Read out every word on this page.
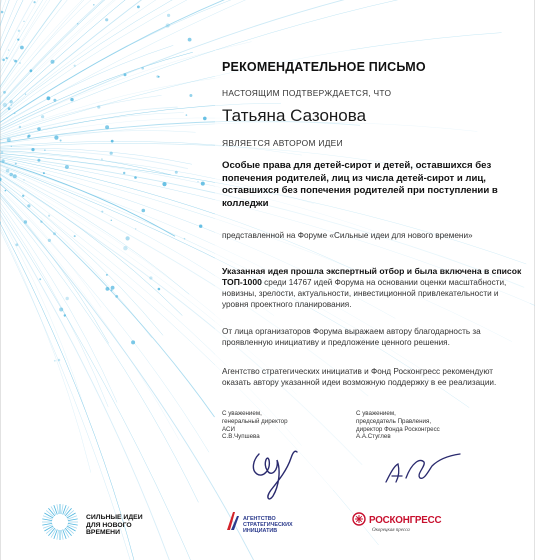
РЕКОМЕНДАТЕЛЬНОЕ ПИСЬМО
НАСТОЯЩИМ ПОДТВЕРЖДАЕТСЯ, ЧТО
Татьяна Сазонова
ЯВЛЯЕТСЯ АВТОРОМ ИДЕИ
Особые права для детей-сирот и детей, оставшихся без попечения родителей, лиц из числа детей-сирот и лиц, оставшихся без попечения родителей при поступлении в колледжи
представленной на Форуме «Сильные идеи для нового времени»
Указанная идея прошла экспертный отбор и была включена в список ТОП-1000 среди 14767 идей Форума на основании оценки масштабности, новизны, зрелости, актуальности, инвестиционной привлекательности и уровня проектного планирования.
От лица организаторов Форума выражаем автору благодарность за проявленную инициативу и предложение ценного решения.
Агентство стратегических инициатив и Фонд Росконгресс рекомендуют оказать автору указанной идеи возможную поддержку в ее реализации.
С уважением,
генеральный директор
АСИ
С.В.Чупшева
С уважением,
председатель Правления,
директор Фонда Росконгресс
А.А.Стуглев
СИЛЬНЫЕ ИДЕИ
ДЛЯ НОВОГО
ВРЕМЕНИ
АГЕНТСТВО
СТРАТЕГИЧЕСКИХ
ИНИЦИАТИВ
РОСКОНГРЕСС
Окорецкая пресса
